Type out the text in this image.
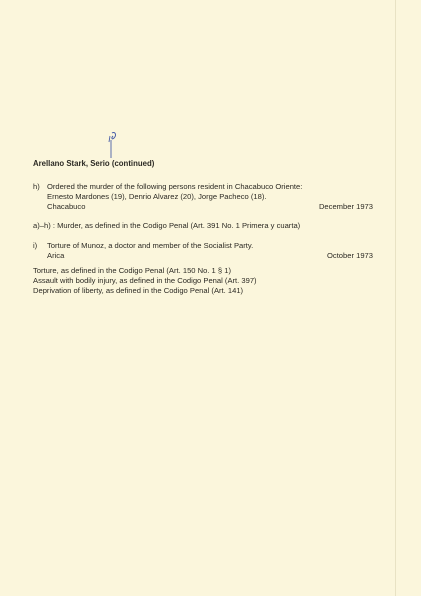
Arellano Stark, Serio (continued)
h) Ordered the murder of the following persons resident in Chacabuco Oriente:
Ernesto Mardones (19), Denrio Alvarez (20), Jorge Pacheco (18).
Chacabuco	December 1973
a)–h) : Murder, as defined in the Codigo Penal (Art. 391 No. 1 Primera y cuarta)
i) Torture of Munoz, a doctor and member of the Socialist Party.
Arica	October 1973
Torture, as defined in the Codigo Penal (Art. 150 No. 1 § 1)
Assault with bodily injury, as defined in the Codigo Penal (Art. 397)
Deprivation of liberty, as defined in the Codigo Penal (Art. 141)
